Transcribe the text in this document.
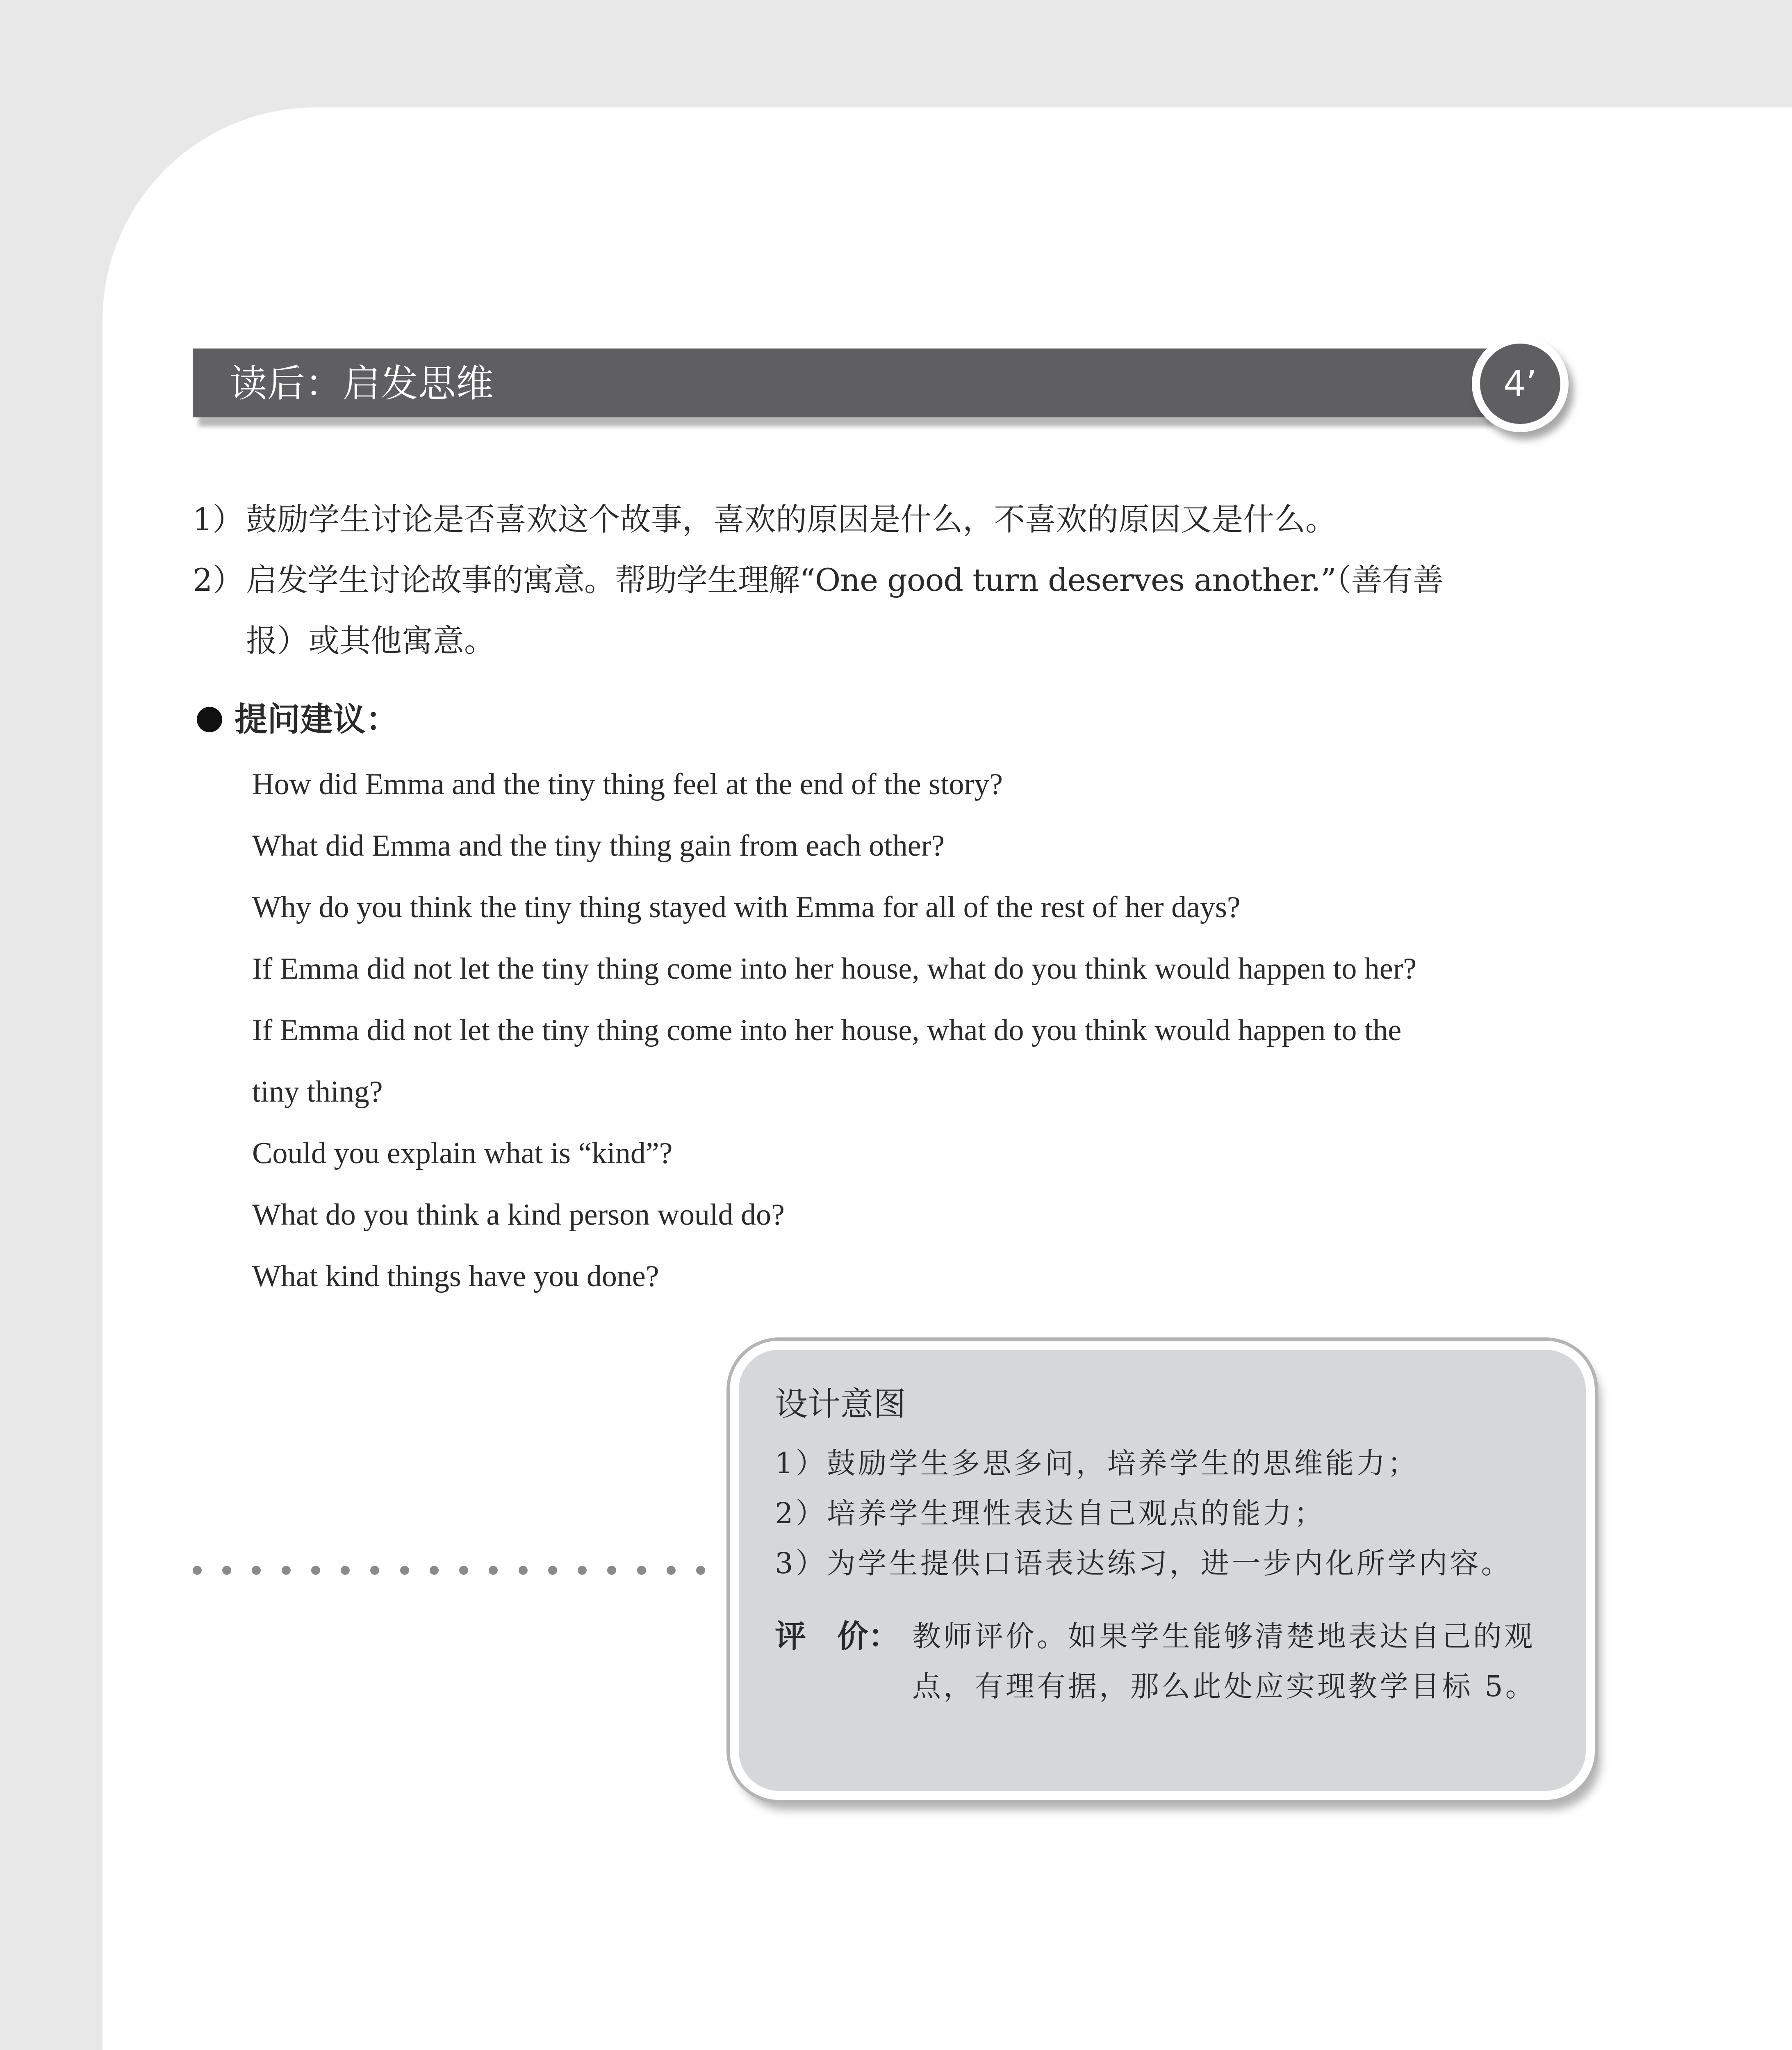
读后：启发思维	4’
1）鼓励学生讨论是否喜欢这个故事，喜欢的原因是什么，不喜欢的原因又是什么。
2）启发学生讨论故事的寓意。帮助学生理解“One good turn deserves another.”（善有善
报）或其他寓意。
提问建议：
How did Emma and the tiny thing feel at the end of the story?
What did Emma and the tiny thing gain from each other?
Why do you think the tiny thing stayed with Emma for all of the rest of her days?
If Emma did not let the tiny thing come into her house, what do you think would happen to her?
If Emma did not let the tiny thing come into her house, what do you think would happen to the
tiny thing?
Could you explain what is “kind”?
What do you think a kind person would do?
What kind things have you done?
设计意图
1）鼓励学生多思多问，培养学生的思维能力；
2）培养学生理性表达自己观点的能力；
3）为学生提供口语表达练习，进一步内化所学内容。
评　价： 教师评价。如果学生能够清楚地表达自己的观点，有理有据，那么此处应实现教学目标 5。
